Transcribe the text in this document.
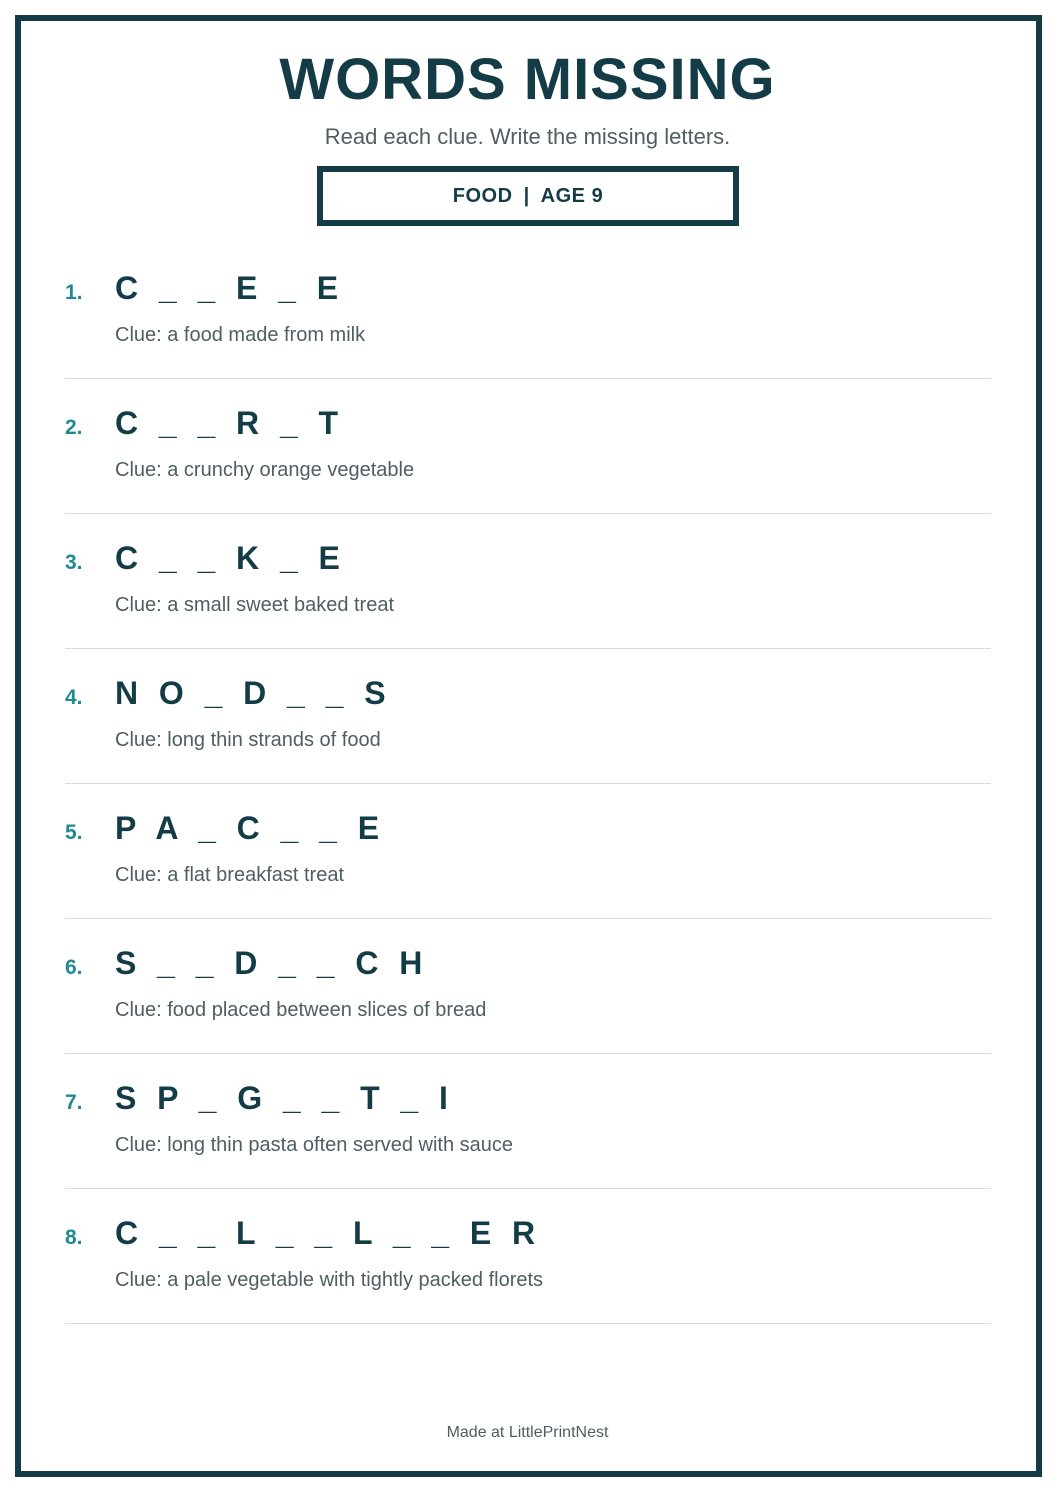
WORDS MISSING
Read each clue. Write the missing letters.
FOOD | AGE 9
1. C  _  _  E  _  E
Clue: a food made from milk
2. C  _  _  R  _  T
Clue: a crunchy orange vegetable
3. C  _  _  K  _  E
Clue: a small sweet baked treat
4. N  O  _  D  _  _  S
Clue: long thin strands of food
5. P  A  _  C  _  _  E
Clue: a flat breakfast treat
6. S  _  _  D  _  _  C  H
Clue: food placed between slices of bread
7. S  P  _  G  _  _  T  _  I
Clue: long thin pasta often served with sauce
8. C  _  _  L  _  _  L  _  _  E  R
Clue: a pale vegetable with tightly packed florets
Made at LittlePrintNest
